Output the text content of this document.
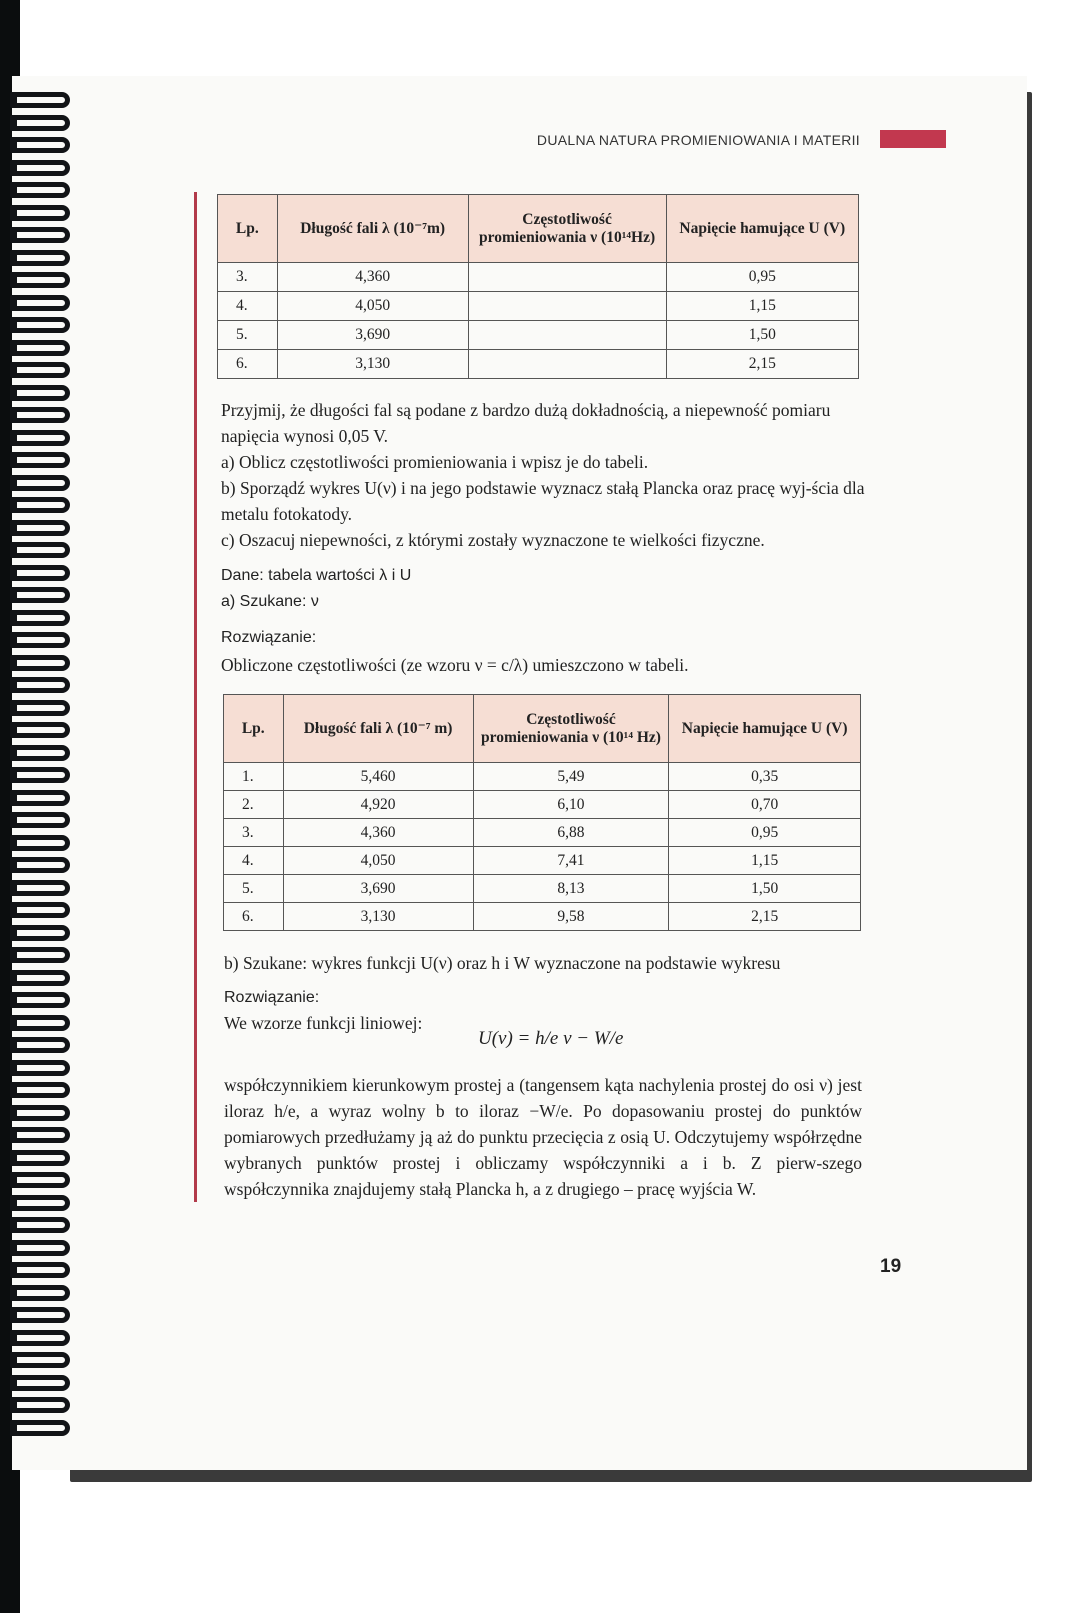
DUALNA NATURA PROMIENIOWANIA I MATERII
Lp.	Długość fali λ (10⁻⁷m)	Częstotliwość promieniowania ν (10¹⁴Hz)	Napięcie hamujące U (V)
3.	4,360		0,95
4.	4,050		1,15
5.	3,690		1,50
6.	3,130		2,15
Przyjmij, że długości fal są podane z bardzo dużą dokładnością, a niepewność pomiaru napięcia wynosi 0,05 V.
a) Oblicz częstotliwości promieniowania i wpisz je do tabeli.
b) Sporządź wykres U(ν) i na jego podstawie wyznacz stałą Plancka oraz pracę wyj-ścia dla metalu fotokatody.
c) Oszacuj niepewności, z którymi zostały wyznaczone te wielkości fizyczne.
Dane: tabela wartości λ i U
a) Szukane: ν
Rozwiązanie:
Obliczone częstotliwości (ze wzoru ν = c/λ) umieszczono w tabeli.
Lp.	Długość fali λ (10⁻⁷ m)	Częstotliwość promieniowania ν (10¹⁴ Hz)	Napięcie hamujące U (V)
1.	5,460	5,49	0,35
2.	4,920	6,10	0,70
3.	4,360	6,88	0,95
4.	4,050	7,41	1,15
5.	3,690	8,13	1,50
6.	3,130	9,58	2,15
b) Szukane: wykres funkcji U(ν) oraz h i W wyznaczone na podstawie wykresu
Rozwiązanie:
We wzorze funkcji liniowej:
U(ν) = h/e ν − W/e
współczynnikiem kierunkowym prostej a (tangensem kąta nachylenia prostej do osi ν) jest iloraz h/e, a wyraz wolny b to iloraz −W/e. Po dopasowaniu prostej do punktów pomiarowych przedłużamy ją aż do punktu przecięcia z osią U. Odczytujemy współrzędne wybranych punktów prostej i obliczamy współczynniki a i b. Z pierw-szego współczynnika znajdujemy stałą Plancka h, a z drugiego – pracę wyjścia W.
19
